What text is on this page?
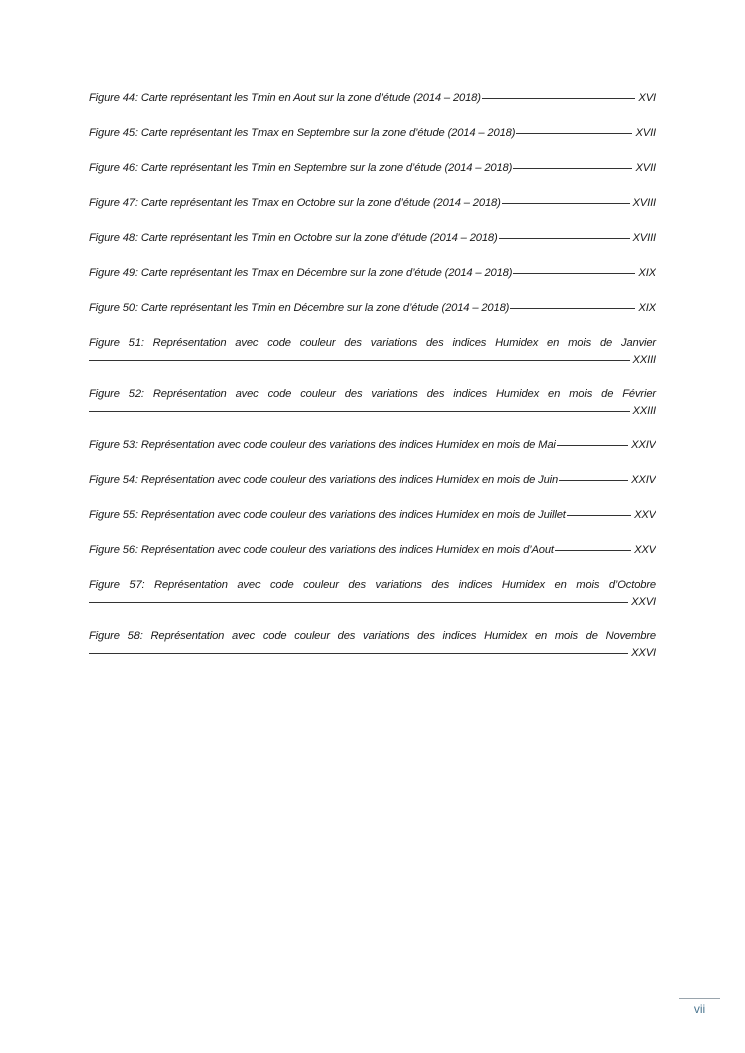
Figure 44: Carte représentant les Tmin en Aout sur la zone d’étude (2014 – 2018)	XVI
Figure 45: Carte représentant les Tmax en Septembre sur la zone d’étude (2014 – 2018)	XVII
Figure 46: Carte représentant les Tmin en Septembre sur la zone d’étude (2014 – 2018)	XVII
Figure 47: Carte représentant les Tmax en Octobre sur la zone d’étude (2014 – 2018)	XVIII
Figure 48: Carte représentant les Tmin en Octobre sur la zone d’étude (2014 – 2018)	XVIII
Figure 49: Carte représentant les Tmax en Décembre sur la zone d’étude (2014 – 2018)	XIX
Figure 50: Carte représentant les Tmin en Décembre sur la zone d’étude (2014 – 2018)	XIX
Figure 51: Représentation avec code couleur des variations des indices Humidex en mois de Janvier
XXIII
Figure 52: Représentation avec code couleur des variations des indices Humidex en mois de Février
XXIII
Figure 53: Représentation avec code couleur des variations des indices Humidex en mois de Mai	XXIV
Figure 54: Représentation avec code couleur des variations des indices Humidex en mois de Juin	XXIV
Figure 55: Représentation avec code couleur des variations des indices Humidex en mois de Juillet	XXV
Figure 56: Représentation avec code couleur des variations des indices Humidex en mois d’Aout	XXV
Figure 57: Représentation avec code couleur des variations des indices Humidex en mois d’Octobre
XXVI
Figure 58: Représentation avec code couleur des variations des indices Humidex en mois de Novembre
XXVI
vii
